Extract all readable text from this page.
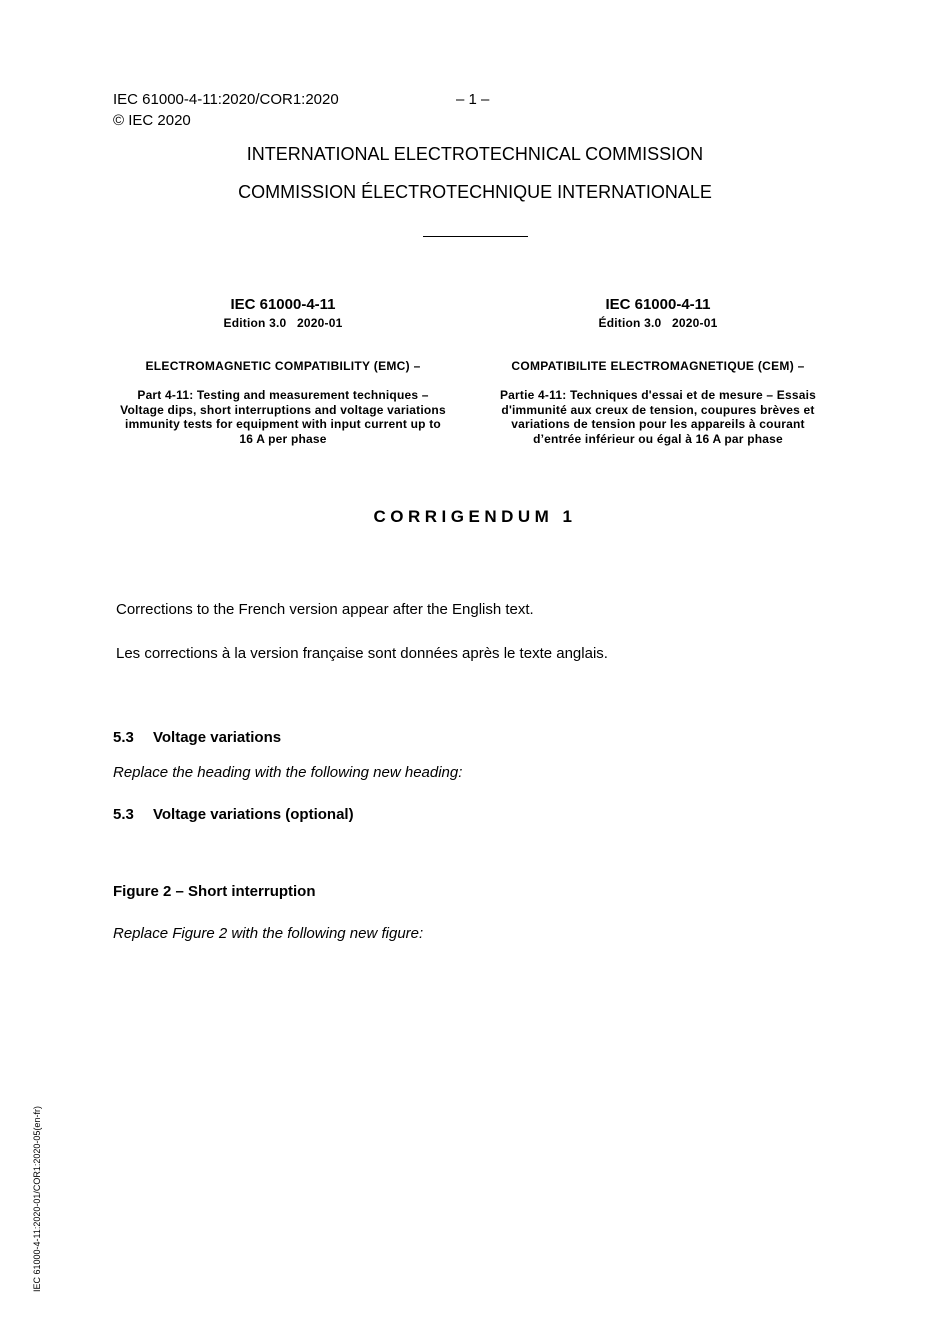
IEC 61000-4-11:2020/COR1:2020	– 1 –
© IEC 2020
INTERNATIONAL ELECTROTECHNICAL COMMISSION
COMMISSION ÉLECTROTECHNIQUE INTERNATIONALE
IEC 61000-4-11
Edition 3.0   2020-01
ELECTROMAGNETIC COMPATIBILITY (EMC) –
Part 4-11: Testing and measurement techniques – Voltage dips, short interruptions and voltage variations immunity tests for equipment with input current up to 16 A per phase
IEC 61000-4-11
Édition 3.0   2020-01
COMPATIBILITE ELECTROMAGNETIQUE (CEM) –
Partie 4-11: Techniques d'essai et de mesure – Essais d'immunité aux creux de tension, coupures brèves et variations de tension pour les appareils à courant d’entrée inférieur ou égal à 16 A par phase
CORRIGENDUM 1
Corrections to the French version appear after the English text.
Les corrections à la version française sont données après le texte anglais.
5.3 Voltage variations
Replace the heading with the following new heading:
5.3 Voltage variations (optional)
Figure 2 – Short interruption
Replace Figure 2 with the following new figure:
IEC 61000-4-11:2020-01/COR1:2020-05(en-fr)
